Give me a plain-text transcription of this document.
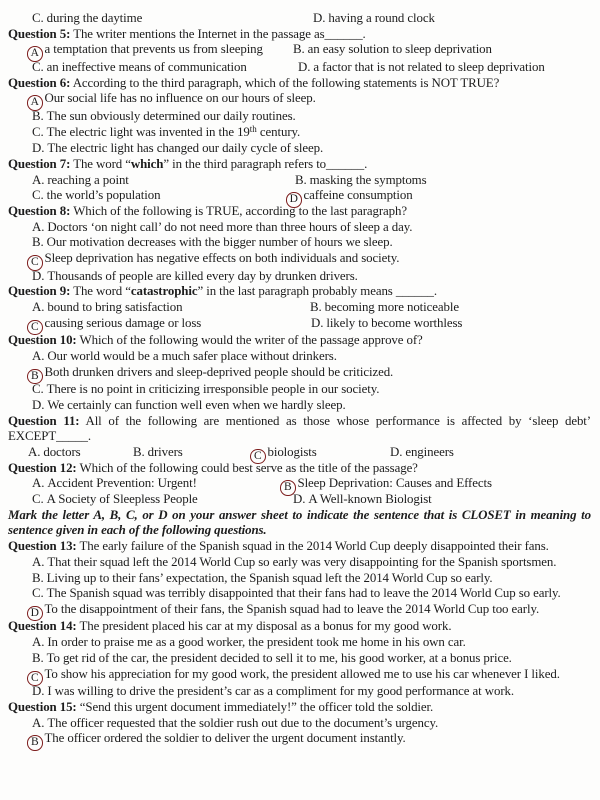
C. during the daytime	D. having a round clock

Question 5: The writer mentions the Internet in the passage as______.

A a temptation that prevents us from sleeping B. an easy solution to sleep deprivation

C. an ineffective means of communication	D. a factor that is not related to sleep deprivation

Question 6: According to the third paragraph, which of the following statements is NOT TRUE?

A Our social life has no influence on our hours of sleep.

B. The sun obviously determined our daily routines.

C. The electric light was invented in the 19th century.

D. The electric light has changed our daily cycle of sleep.

Question 7: The word “which” in the third paragraph refers to______.

A. reaching a point	B. masking the symptoms

C. the world’s population	D caffeine consumption

Question 8: Which of the following is TRUE, according to the last paragraph?

A. Doctors ‘on night call’ do not need more than three hours of sleep a day.

B. Our motivation decreases with the bigger number of hours we sleep.

C Sleep deprivation has negative effects on both individuals and society.

D. Thousands of people are killed every day by drunken drivers.

Question 9: The word “catastrophic” in the last paragraph probably means ______.

A. bound to bring satisfaction	B. becoming more noticeable

C causing serious damage or loss	D. likely to become worthless

Question 10: Which of the following would the writer of the passage approve of?

A. Our world would be a much safer place without drinkers.

B Both drunken drivers and sleep-deprived people should be criticized.

C. There is no point in criticizing irresponsible people in our society.

D. We certainly can function well even when we hardly sleep.

Question 11: All of the following are mentioned as those whose performance is affected by ‘sleep debt’ EXCEPT_____.

A. doctors	B. drivers	C biologists	D. engineers

Question 12: Which of the following could best serve as the title of the passage?

A. Accident Prevention: Urgent!	B Sleep Deprivation: Causes and Effects

C. A Society of Sleepless People	D. A Well-known Biologist

Mark the letter A, B, C, or D on your answer sheet to indicate the sentence that is CLOSET in meaning to sentence given in each of the following questions.

Question 13: The early failure of the Spanish squad in the 2014 World Cup deeply disappointed their fans.

A. That their squad left the 2014 World Cup so early was very disappointing for the Spanish sportsmen.

B. Living up to their fans’ expectation, the Spanish squad left the 2014 World Cup so early.

C. The Spanish squad was terribly disappointed that their fans had to leave the 2014 World Cup so early.

D To the disappointment of their fans, the Spanish squad had to leave the 2014 World Cup too early.

Question 14: The president placed his car at my disposal as a bonus for my good work.

A. In order to praise me as a good worker, the president took me home in his own car.

B. To get rid of the car, the president decided to sell it to me, his good worker, at a bonus price.

C To show his appreciation for my good work, the president allowed me to use his car whenever I liked.

D. I was willing to drive the president’s car as a compliment for my good performance at work.

Question 15: “Send this urgent document immediately!” the officer told the soldier.

A. The officer requested that the soldier rush out due to the document’s urgency.

B The officer ordered the soldier to deliver the urgent document instantly.
